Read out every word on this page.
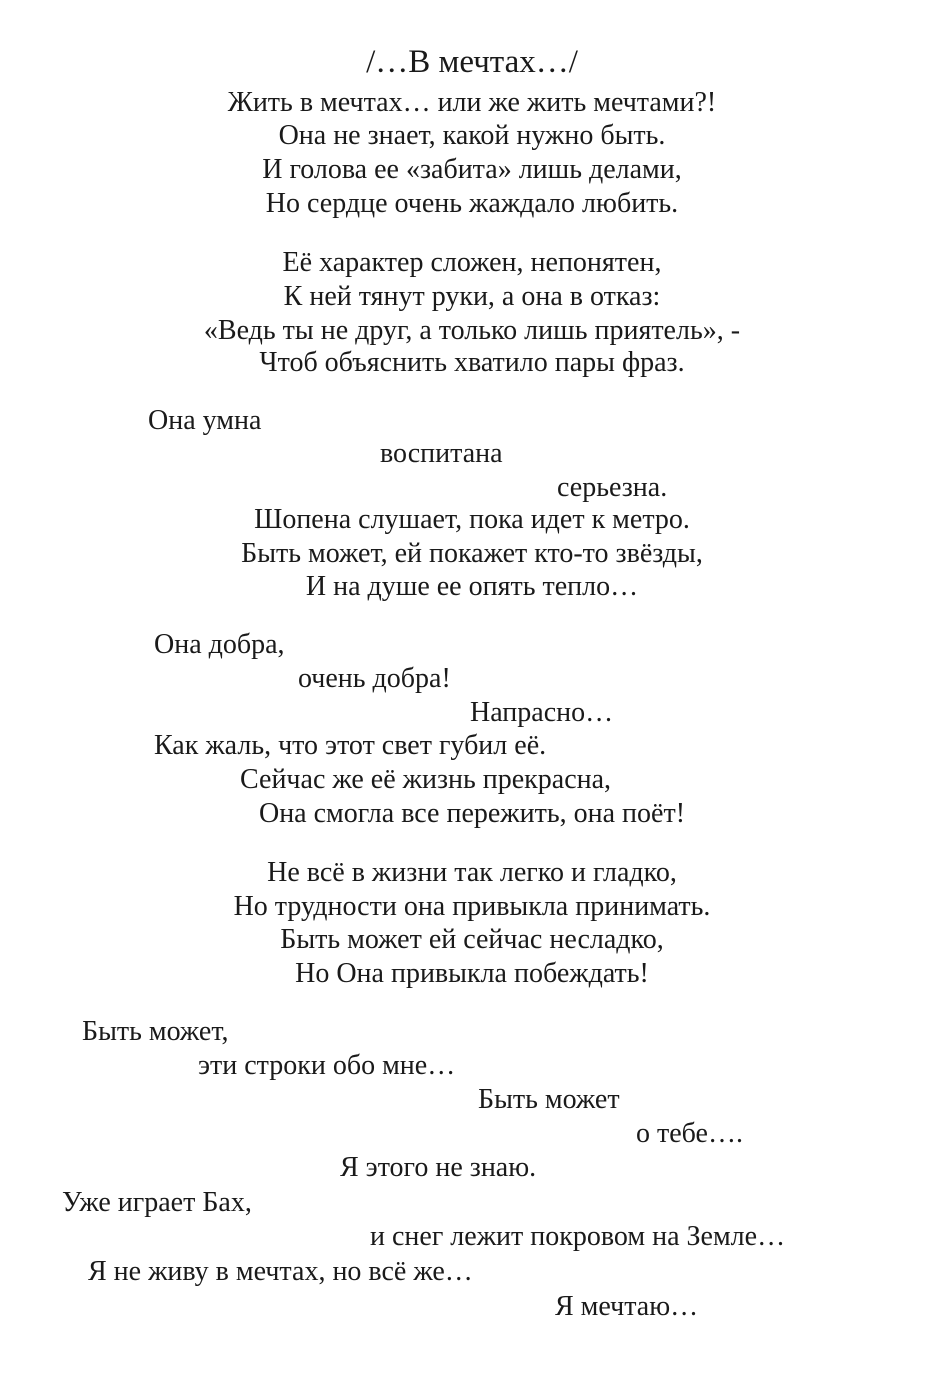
/…В мечтах…/
Жить в мечтах… или же жить мечтами?!
Она не знает, какой нужно быть.
И голова ее «забита» лишь делами,
Но сердце очень жаждало любить.
Её характер сложен, непонятен,
К ней тянут руки, а она в отказ:
«Ведь ты не друг, а только лишь приятель», -
Чтоб объяснить хватило пары фраз.
Она умна
воспитана
серьезна.
Шопена слушает, пока идет к метро.
Быть может, ей покажет кто-то звёзды,
И на душе ее опять тепло…
Она добра,
очень добра!
Напрасно…
Как жаль, что этот свет губил её.
Сейчас же её жизнь прекрасна,
Она смогла все пережить, она поёт!
Не всё в жизни так легко и гладко,
Но трудности она привыкла принимать.
Быть может ей сейчас несладко,
Но Она привыкла побеждать!
Быть может,
эти строки обо мне…
Быть может
о тебе….
Я этого не знаю.
Уже играет Бах,
и снег лежит покровом на Земле…
Я не живу в мечтах, но всё же…
Я мечтаю…
